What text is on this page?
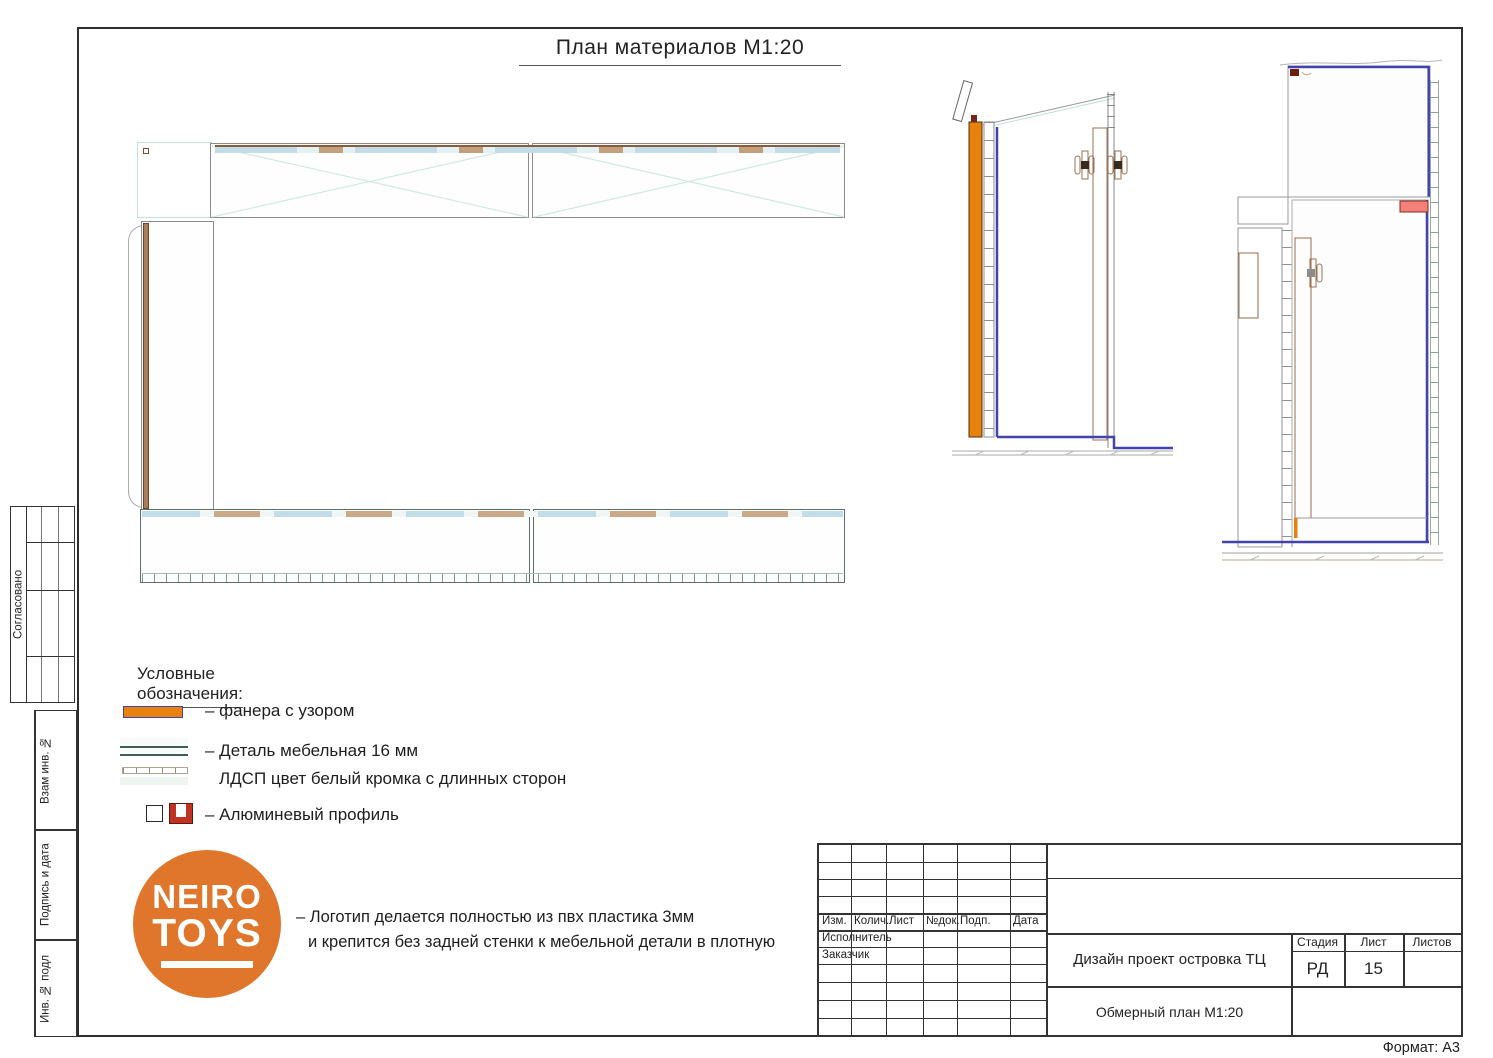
План материалов М1:20
Условные обозначения:
– фанера с узором
– Деталь мебельная 16 мм
ЛДСП цвет белый кромка с длинных сторон
– Алюминевый профиль
NEIRO
TOYS – Логотип делается полностью из пвх пластика 3мм
и крепится без задней стенки к мебельной детали в плотную
Согласовано
Взам инв. №
Подпись и дата
Инв. № подл
Изм. Колич. Лист	№док. Подп.	Дата
Исполнитель
Заказчик	Дизайн проект островка ТЦ
Стадия	Лист	Листов
РД	15
Обмерный план М1:20
Формат: А3
